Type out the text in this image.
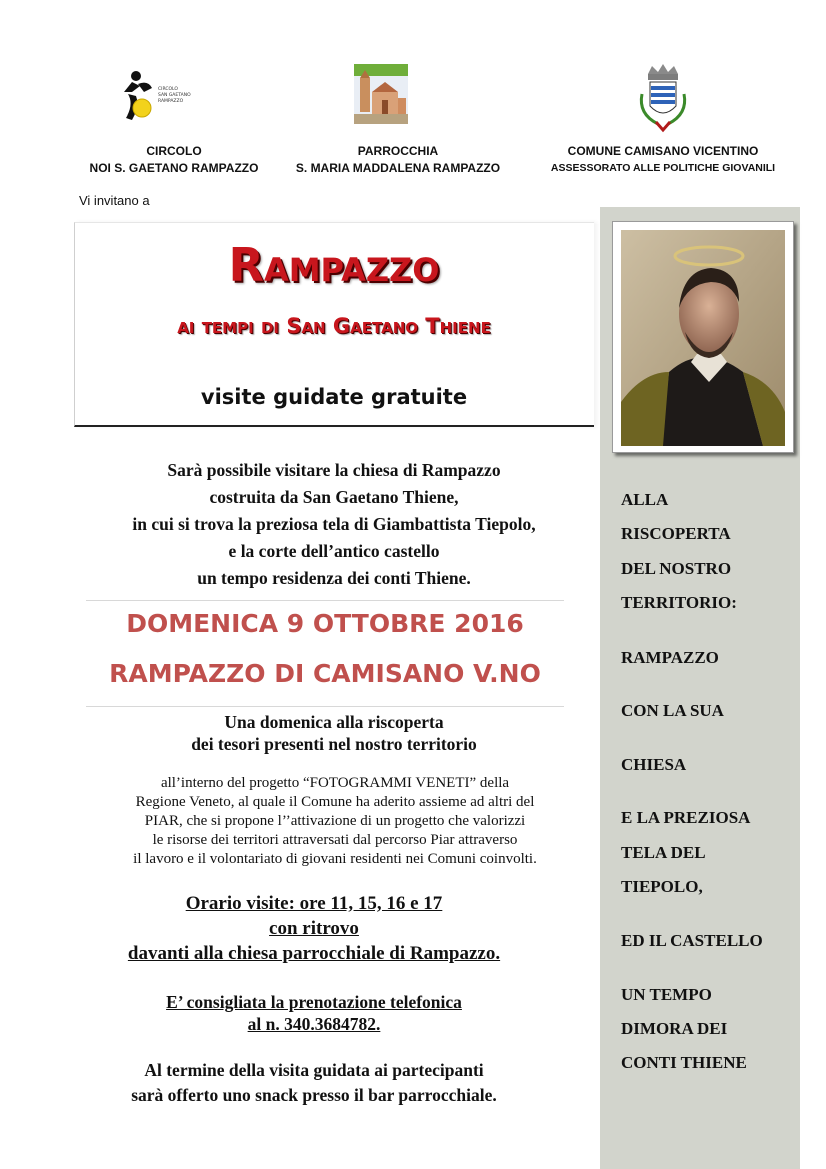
CIRCOLO
SAN GAETANO
RAMPAZZO
CIRCOLO
NOI S. GAETANO RAMPAZZO
PARROCCHIA
S. MARIA MADDALENA RAMPAZZO
COMUNE CAMISANO VICENTINO
ASSESSORATO ALLE POLITICHE GIOVANILI
Vi invitano a
Rampazzo
ai tempi di San Gaetano Thiene
visite guidate gratuite
Sarà possibile visitare la chiesa di Rampazzo
costruita da San Gaetano Thiene,
in cui si trova la preziosa tela di Giambattista Tiepolo,
e la corte dell’antico castello
un tempo residenza dei conti Thiene.
DOMENICA 9 OTTOBRE 2016
RAMPAZZO DI CAMISANO V.NO
Una domenica alla riscoperta
dei tesori presenti nel nostro territorio
all’interno del progetto “FOTOGRAMMI VENETI” della
Regione Veneto, al quale il Comune ha aderito assieme ad altri del
PIAR, che si propone l’’attivazione di un progetto che valorizzi
le risorse dei territori attraversati dal percorso Piar attraverso
il lavoro e il volontariato di giovani residenti nei Comuni coinvolti.
Orario visite: ore 11, 15, 16 e 17
con ritrovo
davanti alla chiesa parrocchiale di Rampazzo.
E’ consigliata la prenotazione telefonica
al n. 340.3684782.
Al termine della visita guidata ai partecipanti
sarà offerto uno snack presso il bar parrocchiale.
ALLA
RISCOPERTA
DEL NOSTRO
TERRITORIO:
RAMPAZZO
CON LA SUA
CHIESA
E LA PREZIOSA
TELA DEL
TIEPOLO,
ED IL CASTELLO
UN TEMPO
DIMORA DEI
CONTI THIENE
